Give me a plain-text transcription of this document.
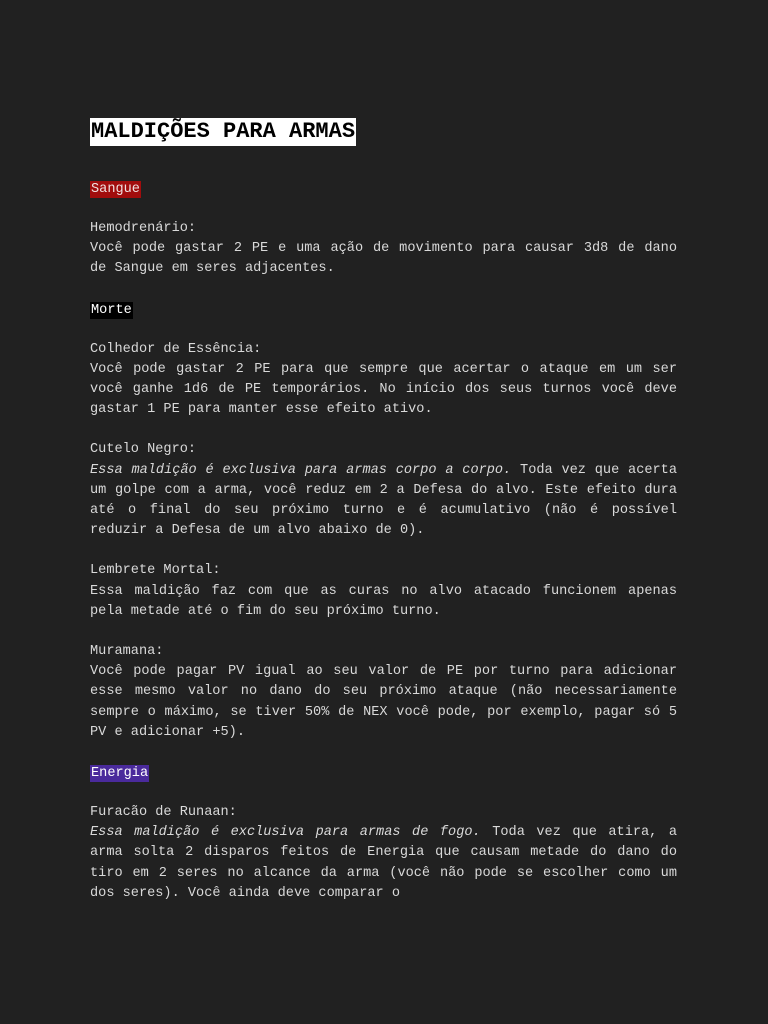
MALDIÇÕES PARA ARMAS
Sangue

Hemodrenário:

Você pode gastar 2 PE e uma ação de movimento para causar 3d8 de dano de Sangue em seres adjacentes.

Morte

Colhedor de Essência:

Você pode gastar 2 PE para que sempre que acertar o ataque em um ser você ganhe 1d6 de PE temporários. No início dos seus turnos você deve gastar 1 PE para manter esse efeito ativo.

Cutelo Negro:

Essa maldição é exclusiva para armas corpo a corpo. Toda vez que acerta um golpe com a arma, você reduz em 2 a Defesa do alvo. Este efeito dura até o final do seu próximo turno e é acumulativo (não é possível reduzir a Defesa de um alvo abaixo de 0).

Lembrete Mortal:

Essa maldição faz com que as curas no alvo atacado funcionem apenas pela metade até o fim do seu próximo turno.

Muramana:

Você pode pagar PV igual ao seu valor de PE por turno para adicionar esse mesmo valor no dano do seu próximo ataque (não necessariamente sempre o máximo, se tiver 50% de NEX você pode, por exemplo, pagar só 5 PV e adicionar +5).

Energia

Furacão de Runaan:

Essa maldição é exclusiva para armas de fogo. Toda vez que atira, a arma solta 2 disparos feitos de Energia que causam metade do dano do tiro em 2 seres no alcance da arma (você não pode se escolher como um dos seres). Você ainda deve comparar o
